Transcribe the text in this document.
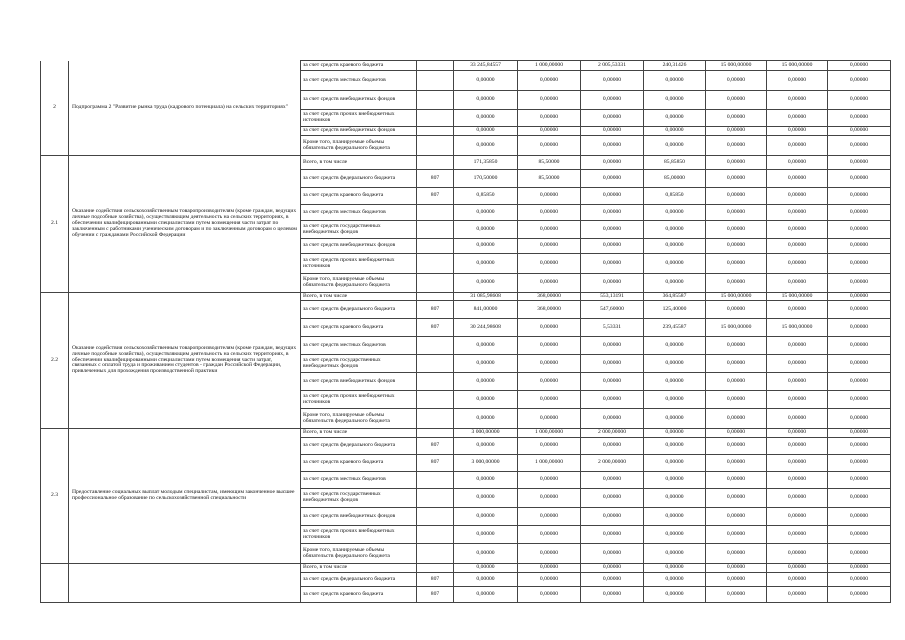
2	Подпрограмма 2 "Развитие рынка труда (кадрового потенциала) на сельских территориях"	за счет средств краевого бюджета		33 245,84557	1 000,00000	2 005,53331	240,31426	15 000,00000	15 000,00000	0,00000
		за счет средств местных бюджетов		0,00000	0,00000	0,00000	0,00000	0,00000	0,00000	0,00000
		за счет средств внебюджетных фондов		0,00000	0,00000	0,00000	0,00000	0,00000	0,00000	0,00000
		за счет средств прочих внебюджетных источников		0,00000	0,00000	0,00000	0,00000	0,00000	0,00000	0,00000
		за счет средств внебюджетных фондов		0,00000	0,00000	0,00000	0,00000	0,00000	0,00000	0,00000
		Кроме того, планируемые объемы обязательств федерального бюджета		0,00000	0,00000	0,00000	0,00000	0,00000	0,00000	0,00000
2.1	Оказание содействия сельскохозяйственным товаропроизводителям (кроме граждан, ведущих личные подсобные хозяйства), осуществляющим деятельность на сельских территориях, в обеспечении квалифицированными специалистами путем возмещения части затрат по заключенным с работниками ученическим договорам и по заключенным договорам о целевом обучении с гражданами Российской Федерации	Всего, в том числе		171,35850	85,50000	0,00000	85,85850	0,00000	0,00000	0,00000
		за счет средств федерального бюджета	807	170,50000	85,50000	0,00000	85,00000	0,00000	0,00000	0,00000
		за счет средств краевого бюджета	807	0,85850	0,00000	0,00000	0,85850	0,00000	0,00000	0,00000
		за счет средств местных бюджетов		0,00000	0,00000	0,00000	0,00000	0,00000	0,00000	0,00000
		за счет средств государственных внебюджетных фондов		0,00000	0,00000	0,00000	0,00000	0,00000	0,00000	0,00000
		за счет средств внебюджетных фондов		0,00000	0,00000	0,00000	0,00000	0,00000	0,00000	0,00000
		за счет средств прочих внебюджетных источников		0,00000	0,00000	0,00000	0,00000	0,00000	0,00000	0,00000
		Кроме того, планируемые объемы обязательств федерального бюджета		0,00000	0,00000	0,00000	0,00000	0,00000	0,00000	0,00000
2.2	Оказание содействия сельскохозяйственным товаропроизводителям (кроме граждан, ведущих личные подсобные хозяйства), осуществляющим деятельность на сельских территориях, в обеспечении квалифицированными специалистами путем возмещения части затрат, связанных с оплатой труда и проживанием студентов - граждан Российской Федерации, привлеченных для прохождения производственной практики	Всего, в том числе		31 085,98608	368,00000	553,13191	364,85587	15 000,00000	15 000,00000	0,00000
		за счет средств федерального бюджета	807	841,00000	368,00000	547,60000	125,40000	0,00000	0,00000	0,00000
		за счет средств краевого бюджета	807	30 244,98608	0,00000	5,53331	239,45587	15 000,00000	15 000,00000	0,00000
		за счет средств местных бюджетов		0,00000	0,00000	0,00000	0,00000	0,00000	0,00000	0,00000
		за счет средств государственных внебюджетных фондов		0,00000	0,00000	0,00000	0,00000	0,00000	0,00000	0,00000
		за счет средств внебюджетных фондов		0,00000	0,00000	0,00000	0,00000	0,00000	0,00000	0,00000
		за счет средств прочих внебюджетных источников		0,00000	0,00000	0,00000	0,00000	0,00000	0,00000	0,00000
		Кроме того, планируемые объемы обязательств федерального бюджета		0,00000	0,00000	0,00000	0,00000	0,00000	0,00000	0,00000
2.3	Предоставление социальных выплат молодым специалистам, имеющим законченное высшее профессиональное образование по сельскохозяйственной специальности	Всего, в том числе		3 000,00000	1 000,00000	2 000,00000	0,00000	0,00000	0,00000	0,00000
		за счет средств федерального бюджета	807	0,00000	0,00000	0,00000	0,00000	0,00000	0,00000	0,00000
		за счет средств краевого бюджета	807	3 000,00000	1 000,00000	2 000,00000	0,00000	0,00000	0,00000	0,00000
		за счет средств местных бюджетов		0,00000	0,00000	0,00000	0,00000	0,00000	0,00000	0,00000
		за счет средств государственных внебюджетных фондов		0,00000	0,00000	0,00000	0,00000	0,00000	0,00000	0,00000
		за счет средств внебюджетных фондов		0,00000	0,00000	0,00000	0,00000	0,00000	0,00000	0,00000
		за счет средств прочих внебюджетных источников		0,00000	0,00000	0,00000	0,00000	0,00000	0,00000	0,00000
		Кроме того, планируемые объемы обязательств федерального бюджета		0,00000	0,00000	0,00000	0,00000	0,00000	0,00000	0,00000
		Всего, в том числе		0,00000	0,00000	0,00000	0,00000	0,00000	0,00000	0,00000
		за счет средств федерального бюджета	807	0,00000	0,00000	0,00000	0,00000	0,00000	0,00000	0,00000
		за счет средств краевого бюджета	807	0,00000	0,00000	0,00000	0,00000	0,00000	0,00000	0,00000
